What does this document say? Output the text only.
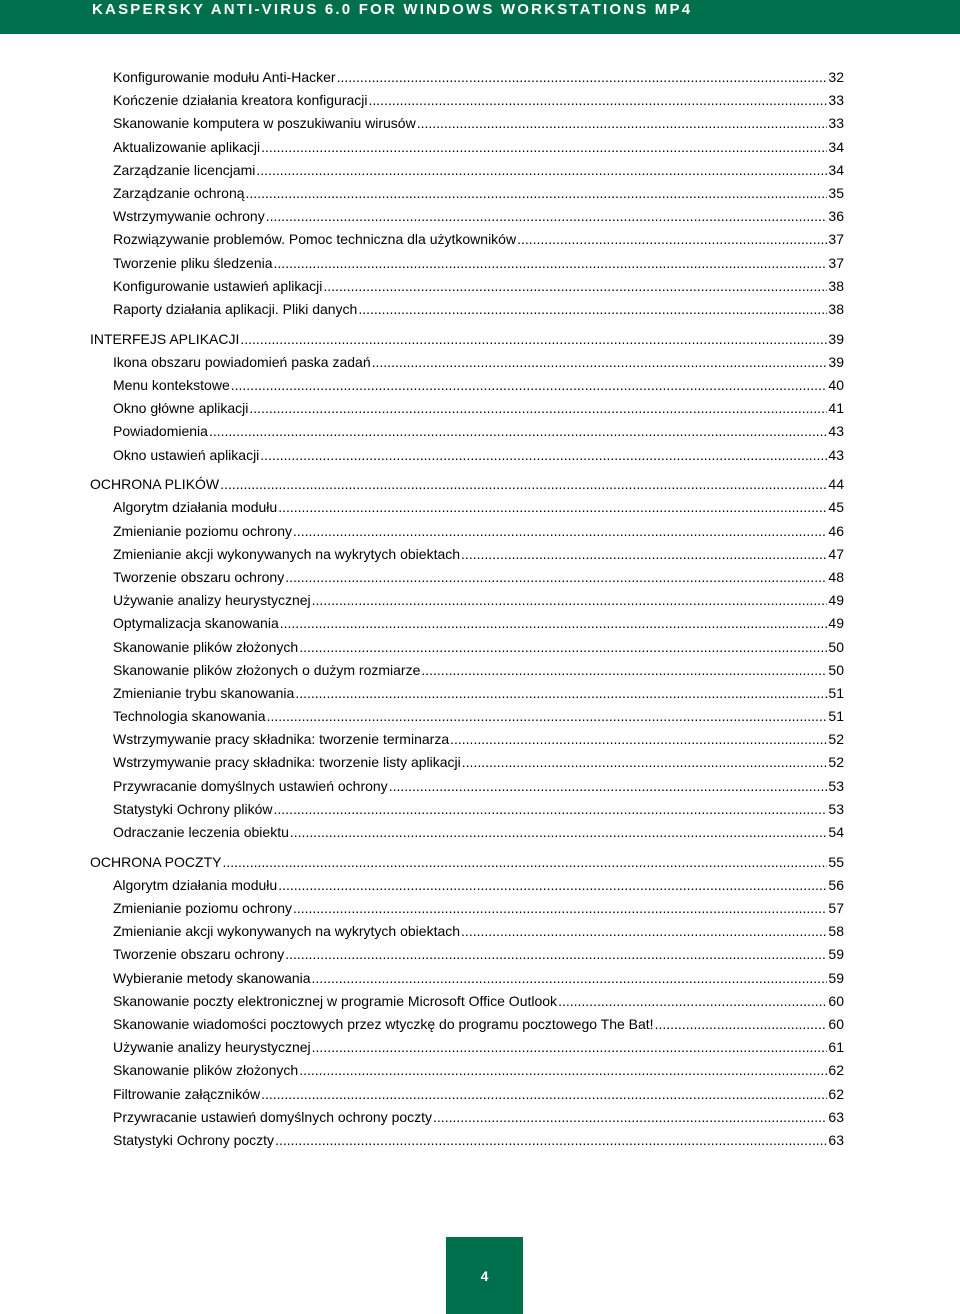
KASPERSKY ANTI-VIRUS 6.0 FOR WINDOWS WORKSTATIONS MP4
Konfigurowanie modułu Anti-Hacker .....	32
Kończenie działania kreatora konfiguracji .....	33
Skanowanie komputera w poszukiwaniu wirusów .....	33
Aktualizowanie aplikacji .....	34
Zarządzanie licencjami .....	34
Zarządzanie ochroną .....	35
Wstrzymywanie ochrony .....	36
Rozwiązywanie problemów. Pomoc techniczna dla użytkowników .....	37
Tworzenie pliku śledzenia .....	37
Konfigurowanie ustawień aplikacji .....	38
Raporty działania aplikacji. Pliki danych .....	38
INTERFEJS APLIKACJI .....	39
Ikona obszaru powiadomień paska zadań .....	39
Menu kontekstowe .....	40
Okno główne aplikacji .....	41
Powiadomienia .....	43
Okno ustawień aplikacji .....	43
OCHRONA PLIKÓW .....	44
Algorytm działania modułu .....	45
Zmienianie poziomu ochrony .....	46
Zmienianie akcji wykonywanych na wykrytych obiektach .....	47
Tworzenie obszaru ochrony .....	48
Używanie analizy heurystycznej .....	49
Optymalizacja skanowania .....	49
Skanowanie plików złożonych .....	50
Skanowanie plików złożonych o dużym rozmiarze .....	50
Zmienianie trybu skanowania .....	51
Technologia skanowania .....	51
Wstrzymywanie pracy składnika: tworzenie terminarza .....	52
Wstrzymywanie pracy składnika: tworzenie listy aplikacji .....	52
Przywracanie domyślnych ustawień ochrony .....	53
Statystyki Ochrony plików .....	53
Odraczanie leczenia obiektu .....	54
OCHRONA POCZTY .....	55
Algorytm działania modułu .....	56
Zmienianie poziomu ochrony .....	57
Zmienianie akcji wykonywanych na wykrytych obiektach .....	58
Tworzenie obszaru ochrony .....	59
Wybieranie metody skanowania .....	59
Skanowanie poczty elektronicznej w programie Microsoft Office Outlook .....	60
Skanowanie wiadomości pocztowych przez wtyczkę do programu pocztowego The Bat! .....	60
Używanie analizy heurystycznej .....	61
Skanowanie plików złożonych .....	62
Filtrowanie załączników .....	62
Przywracanie ustawień domyślnych ochrony poczty .....	63
Statystyki Ochrony poczty .....	63
4
